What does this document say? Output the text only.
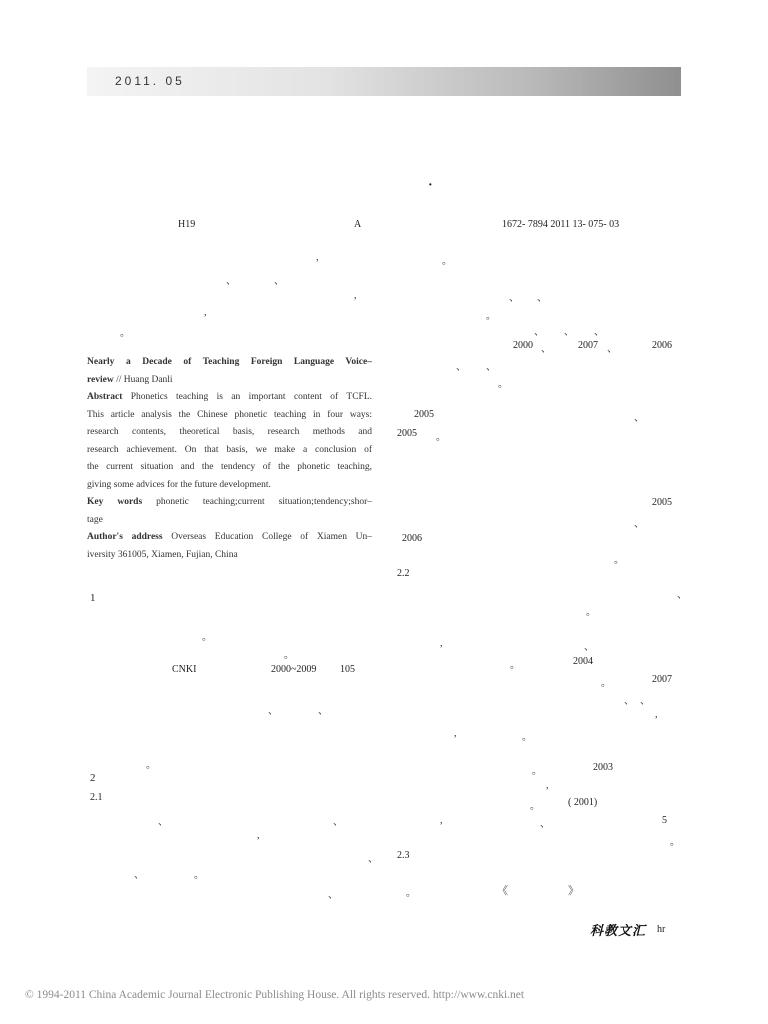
2011. 05
·
H19	A	1672- 7894 2011 13- 075- 03
,
、	、
,
,
。
Nearly a Decade of Teaching Foreign Language Voice–
review // Huang Danli
Abstract Phonetics teaching is an important content of TCFL.
This article analysis the Chinese phonetic teaching in four ways:
research contents, theoretical basis, research methods and
research achievement. On that basis, we make a conclusion of
the current situation and the tendency of the phonetic teaching,
giving some advices for the future development.
Key words phonetic teaching;current situation;tendency;shor–
tage
Author's address Overseas Education College of Xiamen Un–
iversity 361005, Xiamen, Fujian, China
1
。
。
CNKI	2000~2009 105
、	、
。
2
2.1
、	、
,
、
、	。
、
。
、 、
。
、 、 、
2000 、	2007 、	2006
、 、
。
2005	、
2005 。
2005
、
2006
。
2.2
、
。
,	、
。	2004
。	2007
、 、
,
,	。
。	2003
,
。	( 2001)
,	、	5
。
2.3
。	《	》
科教文汇 hr
© 1994-2011 China Academic Journal Electronic Publishing House. All rights reserved. http://www.cnki.net
